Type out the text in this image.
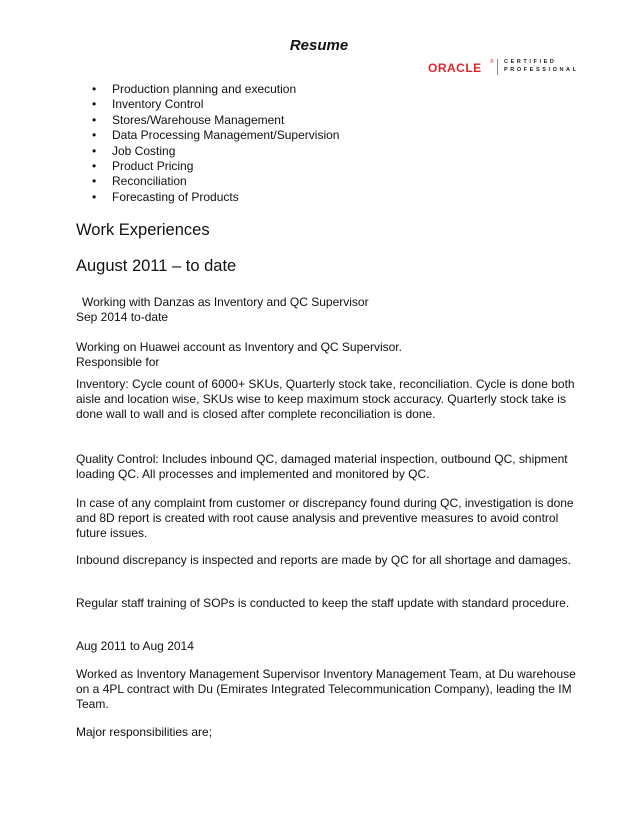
Resume
ORACLE ® CERTIFIED
PROFESSIONAL
• Production planning and execution
• Inventory Control
• Stores/Warehouse Management
• Data Processing Management/Supervision
• Job Costing
• Product Pricing
• Reconciliation
• Forecasting of Products
Work Experiences
August 2011 – to date

Working with Danzas as Inventory and QC Supervisor

Sep 2014 to-date

Working on Huawei account as Inventory and QC Supervisor.

Responsible for

Inventory: Cycle count of 6000+ SKUs, Quarterly stock take, reconciliation. Cycle is done both aisle and location wise, SKUs wise to keep maximum stock accuracy. Quarterly stock take is done wall to wall and is closed after complete reconciliation is done.

Quality Control: Includes inbound QC, damaged material inspection, outbound QC, shipment loading QC. All processes and implemented and monitored by QC.

In case of any complaint from customer or discrepancy found during QC, investigation is done and 8D report is created with root cause analysis and preventive measures to avoid control future issues.

Inbound discrepancy is inspected and reports are made by QC for all shortage and damages.

Regular staff training of SOPs is conducted to keep the staff update with standard procedure.

Aug 2011 to Aug 2014

Worked as Inventory Management Supervisor Inventory Management Team, at Du warehouse on a 4PL contract with Du (Emirates Integrated Telecommunication Company), leading the IM Team.

Major responsibilities are;
